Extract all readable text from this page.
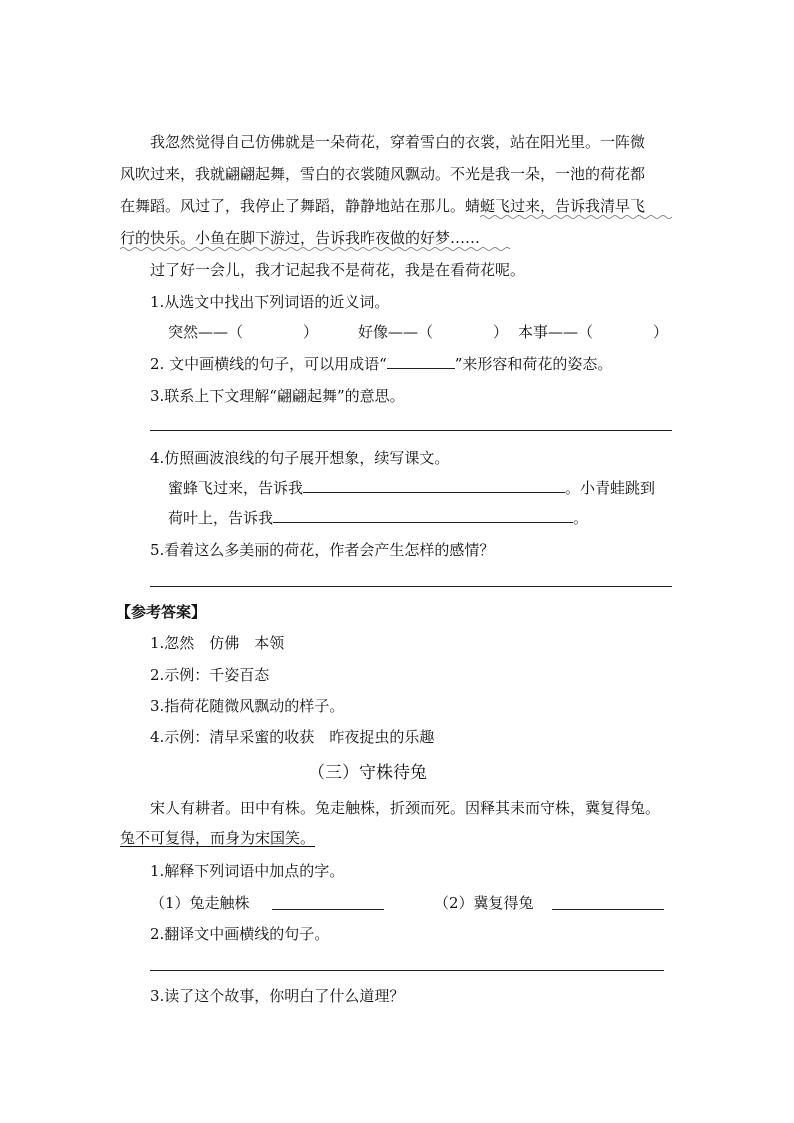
我忽然觉得自己仿佛就是一朵荷花，穿着雪白的衣裳，站在阳光里。一阵微
风吹过来，我就翩翩起舞，雪白的衣裳随风飘动。不光是我一朵，一池的荷花都
在舞蹈。风过了，我停止了舞蹈，静静地站在那儿。蜻蜓飞过来，告诉我清早飞
行的快乐。小鱼在脚下游过，告诉我昨夜做的好梦……
过了好一会儿，我才记起我不是荷花，我是在看荷花呢。
1.从选文中找出下列词语的近义词。
突然——（　　　　）	好像——（　　　　） 本事——（　　　　）
2. 文中画横线的句子，可以用成语“	”来形容和荷花的姿态。
3.联系上下文理解“翩翩起舞”的意思。
4.仿照画波浪线的句子展开想象，续写课文。
蜜蜂飞过来，告诉我	。小青蛙跳到
荷叶上，告诉我	。
5.看着这么多美丽的荷花，作者会产生怎样的感情？
【参考答案】
1.忽然　仿佛　本领
2.示例：千姿百态
3.指荷花随微风飘动的样子。
4.示例：清早采蜜的收获　昨夜捉虫的乐趣
（三）守株待兔
宋人有耕者。田中有株。兔走触株，折颈而死。因释其耒而守株，冀复得兔。
兔不可复得，而身为宋国笑。
1.解释下列词语中加点的字。
（1）兔走触株	（2）冀复得兔
2.翻译文中画横线的句子。
3.读了这个故事，你明白了什么道理？
